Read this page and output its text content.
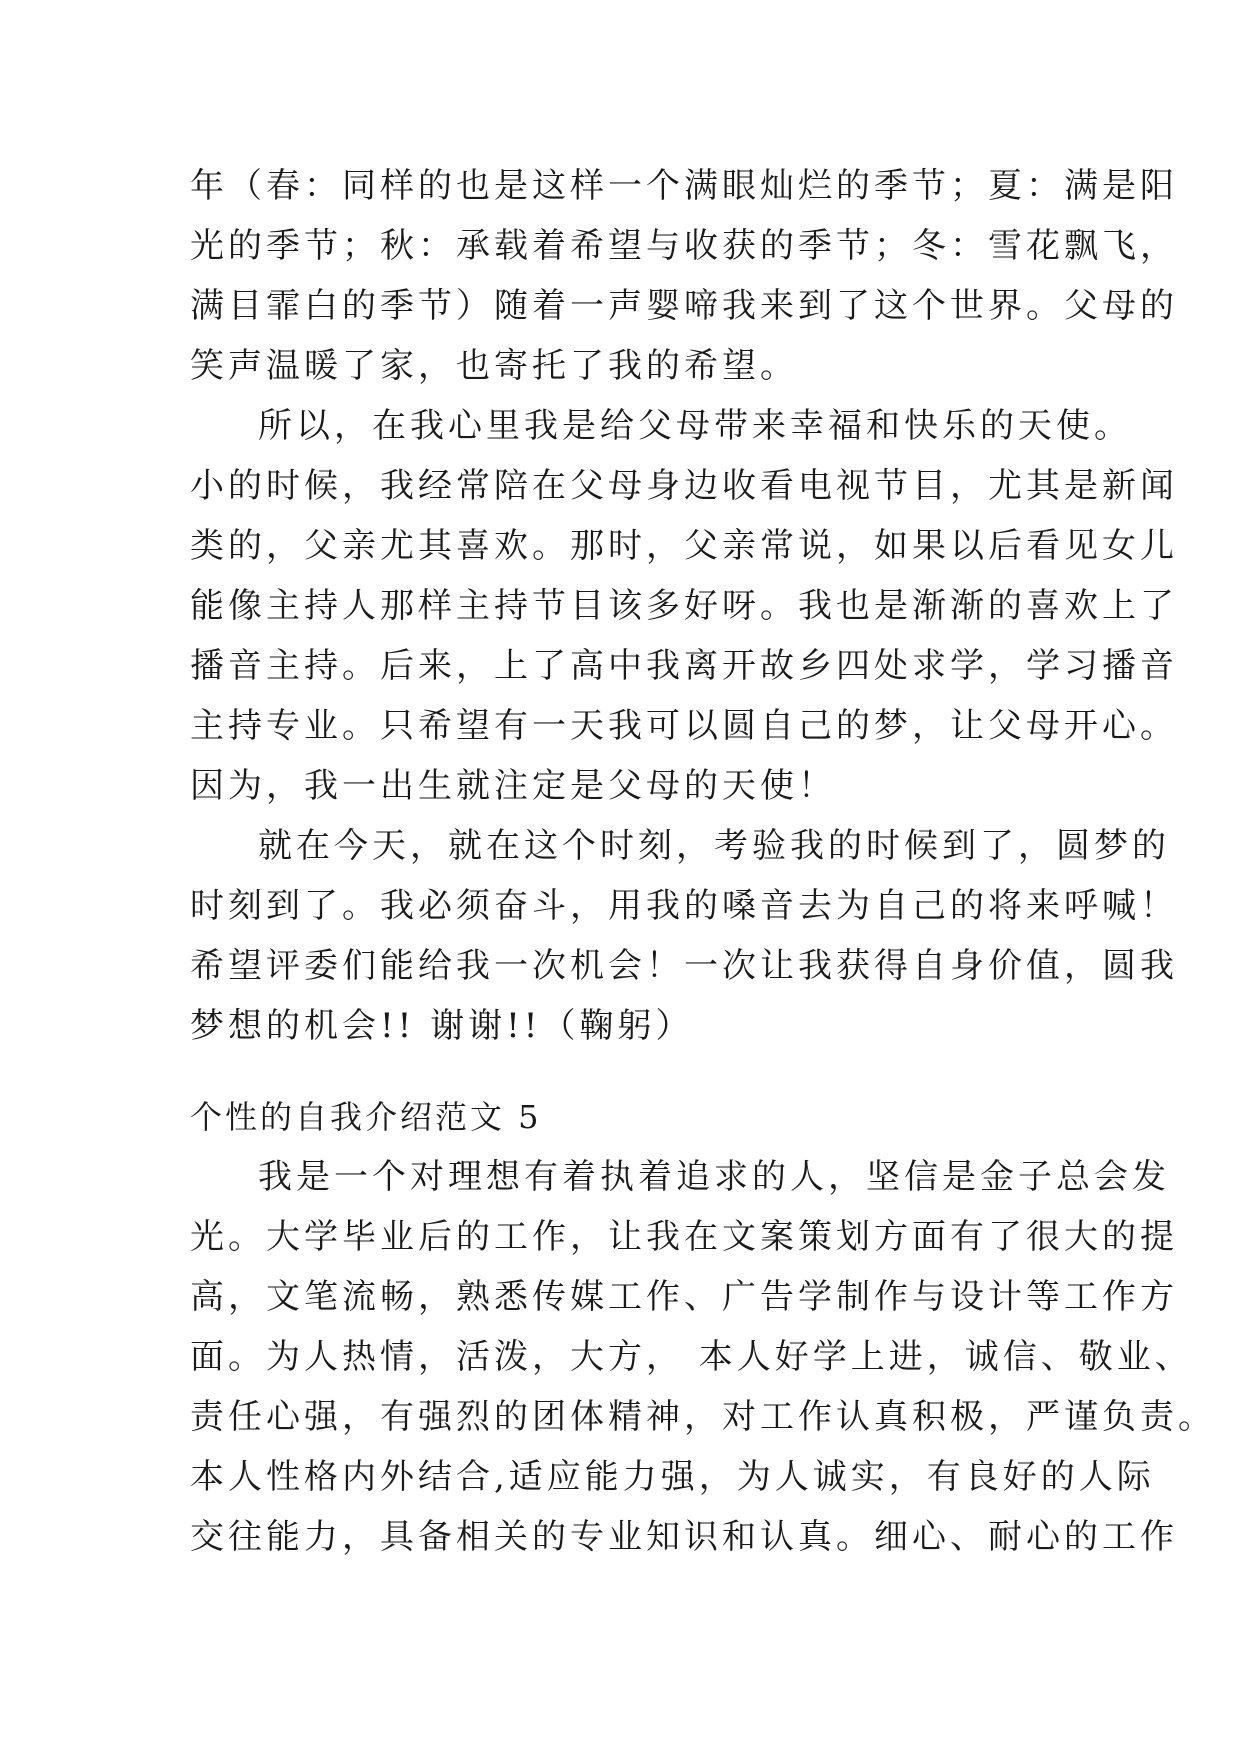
年（春：同样的也是这样一个满眼灿烂的季节；夏：满是阳
光的季节；秋：承载着希望与收获的季节；冬：雪花飘飞，
满目霏白的季节）随着一声婴啼我来到了这个世界。父母的
笑声温暖了家，也寄托了我的希望。
所以，在我心里我是给父母带来幸福和快乐的天使。
小的时候，我经常陪在父母身边收看电视节目，尤其是新闻
类的，父亲尤其喜欢。那时，父亲常说，如果以后看见女儿
能像主持人那样主持节目该多好呀。我也是渐渐的喜欢上了
播音主持。后来，上了高中我离开故乡四处求学，学习播音
主持专业。只希望有一天我可以圆自己的梦，让父母开心。
因为，我一出生就注定是父母的天使！
就在今天，就在这个时刻，考验我的时候到了，圆梦的
时刻到了。我必须奋斗，用我的嗓音去为自己的将来呼喊！
希望评委们能给我一次机会！一次让我获得自身价值，圆我
梦想的机会!! 谢谢!!（鞠躬）
个性的自我介绍范文 5
我是一个对理想有着执着追求的人，坚信是金子总会发
光。大学毕业后的工作，让我在文案策划方面有了很大的提
高，文笔流畅，熟悉传媒工作、广告学制作与设计等工作方
面。为人热情，活泼，大方， 本人好学上进，诚信、敬业、
责任心强，有强烈的团体精神，对工作认真积极，严谨负责。
本人性格内外结合,适应能力强，为人诚实，有良好的人际
交往能力，具备相关的专业知识和认真。细心、耐心的工作
